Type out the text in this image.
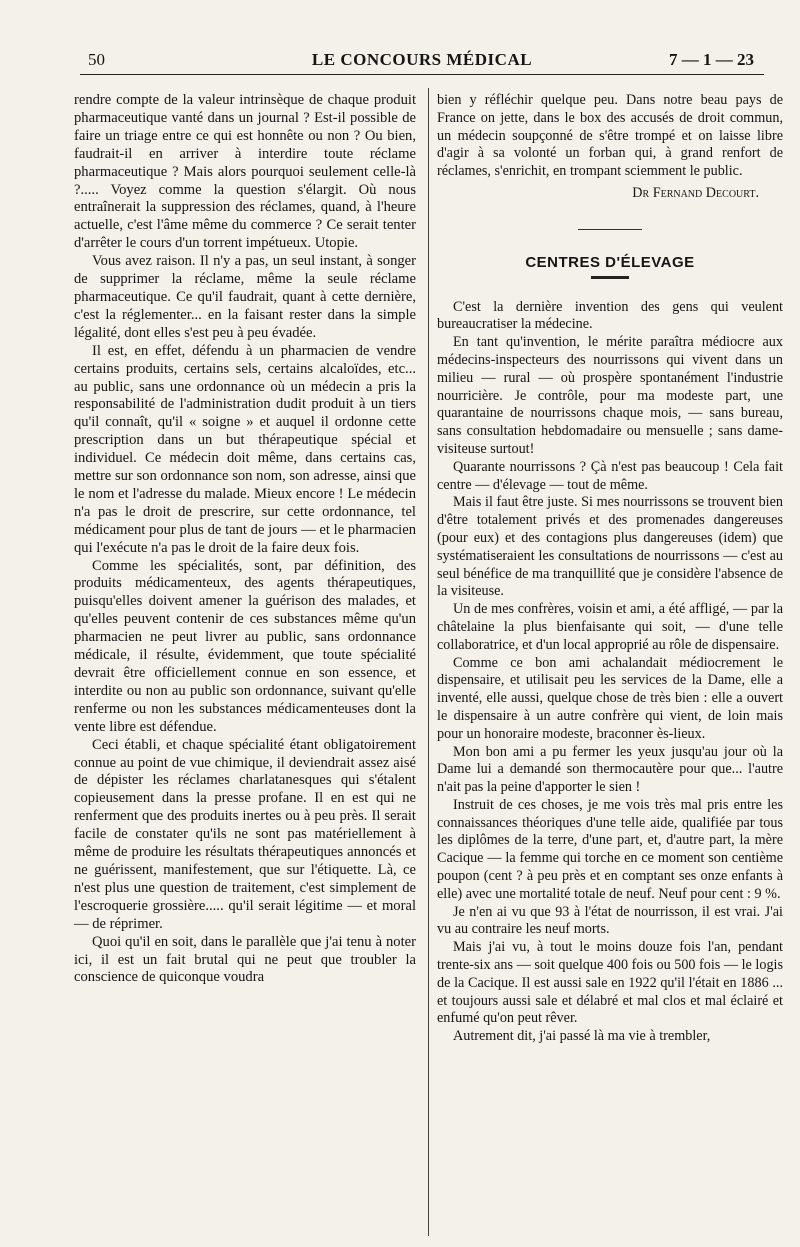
50	LE CONCOURS MÉDICAL	7 — 1 — 23

rendre compte de la valeur intrinsèque de chaque produit pharmaceutique vanté dans un journal ? Est-il possible de faire un triage entre ce qui est honnête ou non ? Ou bien, faudrait-il en arriver à interdire toute réclame pharmaceutique ? Mais alors pourquoi seulement celle-là ?..... Voyez comme la question s'élargit. Où nous entraînerait la suppression des réclames, quand, à l'heure actuelle, c'est l'âme même du commerce ? Ce serait tenter d'arrêter le cours d'un torrent impétueux. Utopie.

Vous avez raison. Il n'y a pas, un seul instant, à songer de supprimer la réclame, même la seule réclame pharmaceutique. Ce qu'il faudrait, quant à cette dernière, c'est la réglementer... en la faisant rester dans la simple légalité, dont elles s'est peu à peu évadée.

Il est, en effet, défendu à un pharmacien de vendre certains produits, certains sels, certains alcaloïdes, etc... au public, sans une ordonnance où un médecin a pris la responsabilité de l'administration dudit produit à un tiers qu'il connaît, qu'il « soigne » et auquel il ordonne cette prescription dans un but thérapeutique spécial et individuel. Ce médecin doit même, dans certains cas, mettre sur son ordonnance son nom, son adresse, ainsi que le nom et l'adresse du malade. Mieux encore ! Le médecin n'a pas le droit de prescrire, sur cette ordonnance, tel médicament pour plus de tant de jours — et le pharmacien qui l'exécute n'a pas le droit de la faire deux fois.

Comme les spécialités, sont, par définition, des produits médicamenteux, des agents thérapeutiques, puisqu'elles doivent amener la guérison des malades, et qu'elles peuvent contenir de ces substances même qu'un pharmacien ne peut livrer au public, sans ordonnance médicale, il résulte, évidemment, que toute spécialité devrait être officiellement connue en son essence, et interdite ou non au public son ordonnance, suivant qu'elle renferme ou non les substances médicamenteuses dont la vente libre est défendue.

Ceci établi, et chaque spécialité étant obligatoirement connue au point de vue chimique, il deviendrait assez aisé de dépister les réclames charlatanesques qui s'étalent copieusement dans la presse profane. Il en est qui ne renferment que des produits inertes ou à peu près. Il serait facile de constater qu'ils ne sont pas matériellement à même de produire les résultats thérapeutiques annoncés et ne guérissent, manifestement, que sur l'étiquette. Là, ce n'est plus une question de traitement, c'est simplement de l'escroquerie grossière..... qu'il serait légitime — et moral — de réprimer.

Quoi qu'il en soit, dans le parallèle que j'ai tenu à noter ici, il est un fait brutal qui ne peut que troubler la conscience de quiconque voudra

bien y réfléchir quelque peu. Dans notre beau pays de France on jette, dans le box des accusés de droit commun, un médecin soupçonné de s'être trompé et on laisse libre d'agir à sa volonté un forban qui, à grand renfort de réclames, s'enrichit, en trompant sciemment le public.

Dr Fernand Decourt.

CENTRES D'ÉLEVAGE

C'est la dernière invention des gens qui veulent bureaucratiser la médecine.

En tant qu'invention, le mérite paraîtra médiocre aux médecins-inspecteurs des nourrissons qui vivent dans un milieu — rural — où prospère spontanément l'industrie nourricière. Je contrôle, pour ma modeste part, une quarantaine de nourrissons chaque mois, — sans bureau, sans consultation hebdomadaire ou mensuelle ; sans dame-visiteuse surtout!

Quarante nourrissons ? Çà n'est pas beaucoup ! Cela fait centre — d'élevage — tout de même.

Mais il faut être juste. Si mes nourrissons se trouvent bien d'être totalement privés et des promenades dangereuses (pour eux) et des contagions plus dangereuses (idem) que systématiseraient les consultations de nourrissons — c'est au seul bénéfice de ma tranquillité que je considère l'absence de la visiteuse.

Un de mes confrères, voisin et ami, a été affligé, — par la châtelaine la plus bienfaisante qui soit, — d'une telle collaboratrice, et d'un local approprié au rôle de dispensaire.

Comme ce bon ami achalandait médiocrement le dispensaire, et utilisait peu les services de la Dame, elle a inventé, elle aussi, quelque chose de très bien : elle a ouvert le dispensaire à un autre confrère qui vient, de loin mais pour un honoraire modeste, braconner ès-lieux.

Mon bon ami a pu fermer les yeux jusqu'au jour où la Dame lui a demandé son thermocautère pour que... l'autre n'ait pas la peine d'apporter le sien !

Instruit de ces choses, je me vois très mal pris entre les connaissances théoriques d'une telle aide, qualifiée par tous les diplômes de la terre, d'une part, et, d'autre part, la mère Cacique — la femme qui torche en ce moment son centième poupon (cent ? à peu près et en comptant ses onze enfants à elle) avec une mortalité totale de neuf. Neuf pour cent : 9 %.

Je n'en ai vu que 93 à l'état de nourrisson, il est vrai. J'ai vu au contraire les neuf morts.

Mais j'ai vu, à tout le moins douze fois l'an, pendant trente-six ans — soit quelque 400 fois ou 500 fois — le logis de la Cacique. Il est aussi sale en 1922 qu'il l'était en 1886 ... et toujours aussi sale et délabré et mal clos et mal éclairé et enfumé qu'on peut rêver.

Autrement dit, j'ai passé là ma vie à trembler,
